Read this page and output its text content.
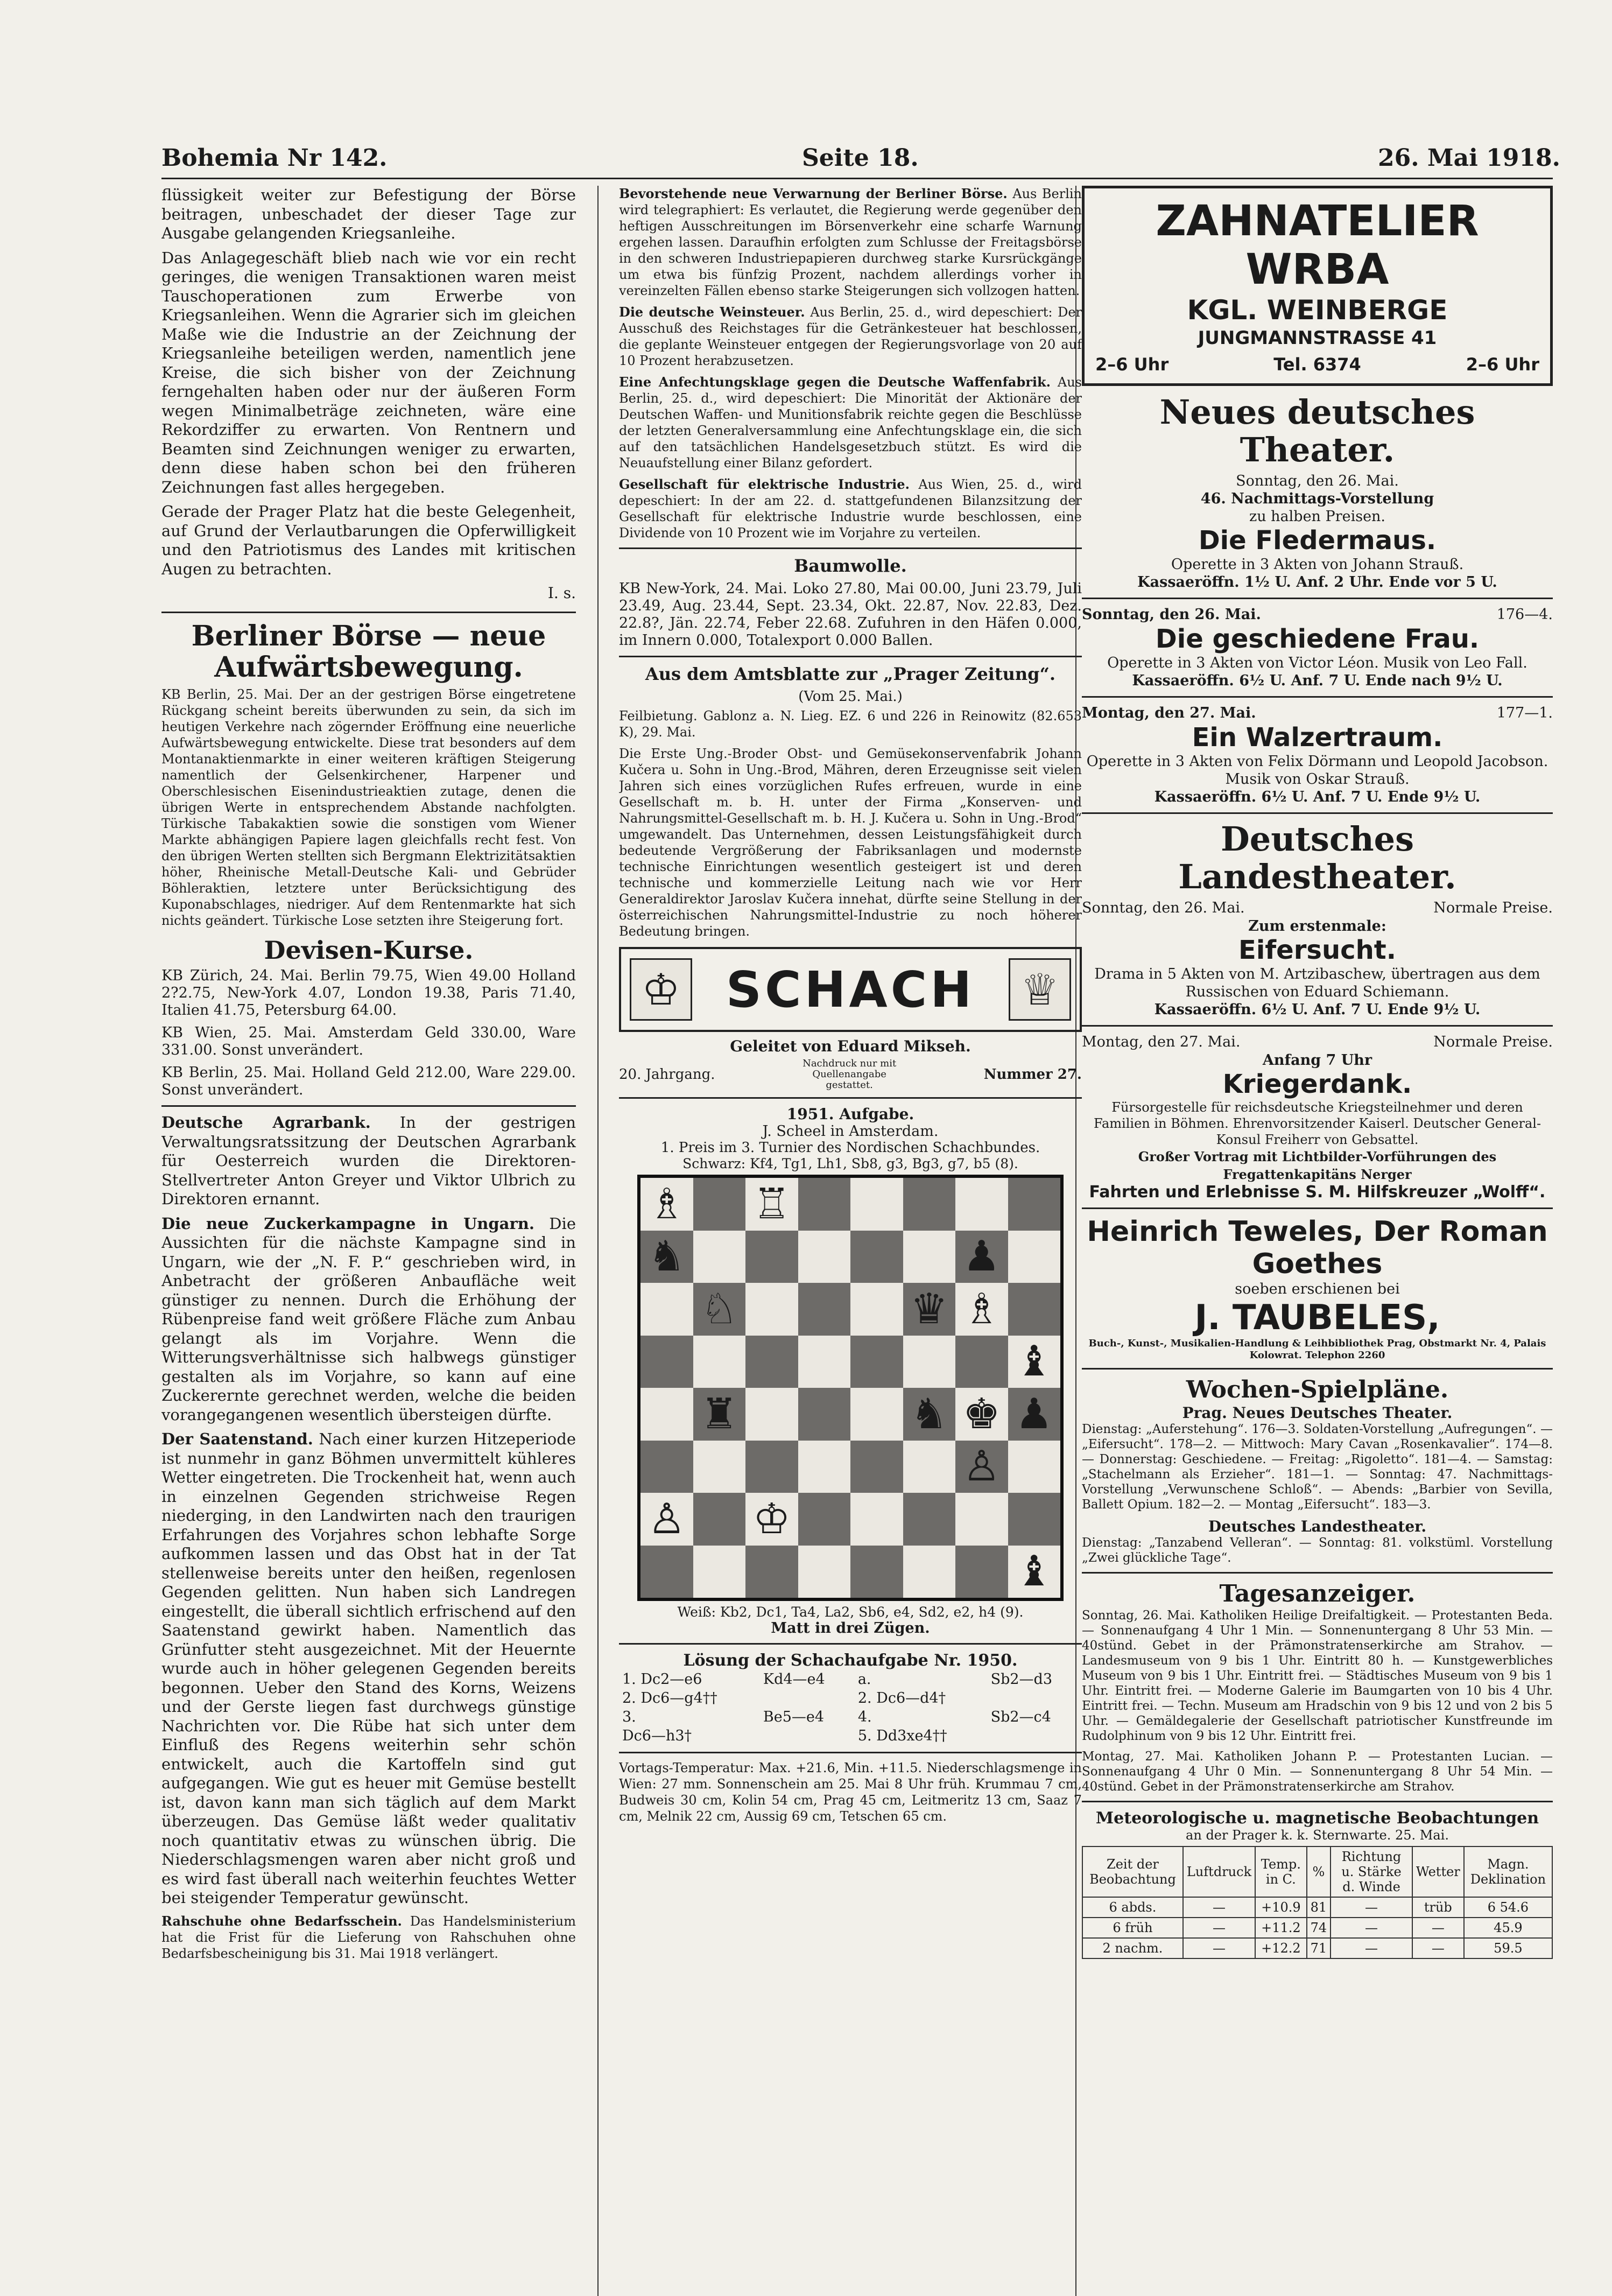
Bohemia Nr 142.	Seite 18.	26. Mai 1918.

flüssigkeit weiter zur Befestigung der Börse beitragen, unbeschadet der dieser Tage zur Ausgabe gelangenden Kriegsanleihe.

Das Anlagegeschäft blieb nach wie vor ein recht geringes, die wenigen Transaktionen waren meist Tauschoperationen zum Erwerbe von Kriegsanleihen. Wenn die Agrarier sich im gleichen Maße wie die Industrie an der Zeichnung der Kriegsanleihe beteiligen werden, namentlich jene Kreise, die sich bisher von der Zeichnung ferngehalten haben oder nur der äußeren Form wegen Minimalbeträge zeichneten, wäre eine Rekordziffer zu erwarten. Von Rentnern und Beamten sind Zeichnungen weniger zu erwarten, denn diese haben schon bei den früheren Zeichnungen fast alles hergegeben.

Gerade der Prager Platz hat die beste Gelegenheit, auf Grund der Verlautbarungen die Opferwilligkeit und den Patriotismus des Landes mit kritischen Augen zu betrachten.

I. s.
Berliner Börse — neue Aufwärtsbewegung.

KB Berlin, 25. Mai. Der an der gestrigen Börse eingetretene Rückgang scheint bereits überwunden zu sein, da sich im heutigen Verkehre nach zögernder Eröffnung eine neuerliche Aufwärtsbewegung entwickelte. Diese trat besonders auf dem Montanaktienmarkte in einer weiteren kräftigen Steigerung namentlich der Gelsenkirchener, Harpener und Oberschlesischen Eisenindustrieaktien zutage, denen die übrigen Werte in entsprechendem Abstande nachfolgten. Türkische Tabakaktien sowie die sonstigen vom Wiener Markte abhängigen Papiere lagen gleichfalls recht fest. Von den übrigen Werten stellten sich Bergmann Elektrizitätsaktien höher, Rheinische Metall-Deutsche Kali- und Gebrüder Böhleraktien, letztere unter Berücksichtigung des Kuponabschlages, niedriger. Auf dem Rentenmarkte hat sich nichts geändert. Türkische Lose setzten ihre Steigerung fort.

Devisen-Kurse.

KB Zürich, 24. Mai. Berlin 79.75, Wien 49.00 Holland 2?2.75, New-York 4.07, London 19.38, Paris 71.40, Italien 41.75, Petersburg 64.00.

KB Wien, 25. Mai. Amsterdam Geld 330.00, Ware 331.00. Sonst unverändert.

KB Berlin, 25. Mai. Holland Geld 212.00, Ware 229.00. Sonst unverändert.

Deutsche Agrarbank. In der gestrigen Verwaltungsratssitzung der Deutschen Agrarbank für Oesterreich wurden die Direktoren-Stellvertreter Anton Greyer und Viktor Ulbrich zu Direktoren ernannt.

Die neue Zuckerkampagne in Ungarn. Die Aussichten für die nächste Kampagne sind in Ungarn, wie der „N. F. P.“ geschrieben wird, in Anbetracht der größeren Anbaufläche weit günstiger zu nennen. Durch die Erhöhung der Rübenpreise fand weit größere Fläche zum Anbau gelangt als im Vorjahre. Wenn die Witterungsverhältnisse sich halbwegs günstiger gestalten als im Vorjahre, so kann auf eine Zuckerernte gerechnet werden, welche die beiden vorangegangenen wesentlich übersteigen dürfte.

Der Saatenstand. Nach einer kurzen Hitzeperiode ist nunmehr in ganz Böhmen unvermittelt kühleres Wetter eingetreten. Die Trockenheit hat, wenn auch in einzelnen Gegenden strichweise Regen niederging, in den Landwirten nach den traurigen Erfahrungen des Vorjahres schon lebhafte Sorge aufkommen lassen und das Obst hat in der Tat stellenweise bereits unter den heißen, regenlosen Gegenden gelitten. Nun haben sich Landregen eingestellt, die überall sichtlich erfrischend auf den Saatenstand gewirkt haben. Namentlich das Grünfutter steht ausgezeichnet. Mit der Heuernte wurde auch in höher gelegenen Gegenden bereits begonnen. Ueber den Stand des Korns, Weizens und der Gerste liegen fast durchwegs günstige Nachrichten vor. Die Rübe hat sich unter dem Einfluß des Regens weiterhin sehr schön entwickelt, auch die Kartoffeln sind gut aufgegangen. Wie gut es heuer mit Gemüse bestellt ist, davon kann man sich täglich auf dem Markt überzeugen. Das Gemüse läßt weder qualitativ noch quantitativ etwas zu wünschen übrig. Die Niederschlagsmengen waren aber nicht groß und es wird fast überall nach weiterhin feuchtes Wetter bei steigender Temperatur gewünscht.

Rahschuhe ohne Bedarfsschein. Das Handelsministerium hat die Frist für die Lieferung von Rahschuhen ohne Bedarfsbescheinigung bis 31. Mai 1918 verlängert.

Bevorstehende neue Verwarnung der Berliner Börse. Aus Berlin wird telegraphiert: Es verlautet, die Regierung werde gegenüber den heftigen Ausschreitungen im Börsenverkehr eine scharfe Warnung ergehen lassen. Daraufhin erfolgten zum Schlusse der Freitagsbörse in den schweren Industriepapieren durchweg starke Kursrückgänge um etwa bis fünfzig Prozent, nachdem allerdings vorher in vereinzelten Fällen ebenso starke Steigerungen sich vollzogen hatten.

Die deutsche Weinsteuer. Aus Berlin, 25. d., wird depeschiert: Der Ausschuß des Reichstages für die Getränkesteuer hat beschlossen, die geplante Weinsteuer entgegen der Regierungsvorlage von 20 auf 10 Prozent herabzusetzen.

Eine Anfechtungsklage gegen die Deutsche Waffenfabrik. Aus Berlin, 25. d., wird depeschiert: Die Minorität der Aktionäre der Deutschen Waffen- und Munitionsfabrik reichte gegen die Beschlüsse der letzten Generalversammlung eine Anfechtungsklage ein, die sich auf den tatsächlichen Handelsgesetzbuch stützt. Es wird die Neuaufstellung einer Bilanz gefordert.

Gesellschaft für elektrische Industrie. Aus Wien, 25. d., wird depeschiert: In der am 22. d. stattgefundenen Bilanzsitzung der Gesellschaft für elektrische Industrie wurde beschlossen, eine Dividende von 10 Prozent wie im Vorjahre zu verteilen.

Baumwolle.

KB New-York, 24. Mai. Loko 27.80, Mai 00.00, Juni 23.79, Juli 23.49, Aug. 23.44, Sept. 23.34, Okt. 22.87, Nov. 22.83, Dez. 22.8?, Jän. 22.74, Feber 22.68. Zufuhren in den Häfen 0.000, im Innern 0.000, Totalexport 0.000 Ballen.

Aus dem Amtsblatte zur „Prager Zeitung“.
(Vom 25. Mai.)

Feilbietung. Gablonz a. N. Lieg. EZ. 6 und 226 in Reinowitz (82.653 K), 29. Mai.

Die Erste Ung.-Broder Obst- und Gemüsekonservenfabrik Johann Kučera u. Sohn in Ung.-Brod, Mähren, deren Erzeugnisse seit vielen Jahren sich eines vorzüglichen Rufes erfreuen, wurde in eine Gesellschaft m. b. H. unter der Firma „Konserven- und Nahrungsmittel-Gesellschaft m. b. H. J. Kučera u. Sohn in Ung.-Brod“ umgewandelt. Das Unternehmen, dessen Leistungsfähigkeit durch bedeutende Vergrößerung der Fabriksanlagen und modernste technische Einrichtungen wesentlich gesteigert ist und deren technische und kommerzielle Leitung nach wie vor Herr Generaldirektor Jaroslav Kučera innehat, dürfte seine Stellung in der österreichischen Nahrungsmittel-Industrie zu noch höherer Bedeutung bringen.

♔ SCHACH ♕
Geleitet von Eduard Mikseh.
20. Jahrgang.
Nachdruck nur mit Quellenangabe gestattet.
Nummer 27.
1951. Aufgabe.
J. Scheel in Amsterdam.
1. Preis im 3. Turnier des Nordischen Schachbundes.
Schwarz: Kf4, Tg1, Lh1, Sb8, g3, Bg3, g7, b5 (8).
♗ ♖
♞	♟
♘	♛ ♗
♝
♜	♞ ♚ ♟
♙
♙ ♔
♝
Weiß: Kb2, Dc1, Ta4, La2, Sb6, e4, Sd2, e2, h4 (9).
Matt in drei Zügen.
Lösung der Schachaufgabe Nr. 1950.
1. Dc2—e6	Kd4—e4	a.	Sb2—d3
2. Dc6—g4††		2. Dc6—d4†	
3.	Be5—e4	4.	Sb2—c4
Dc6—h3†		5. Dd3xe4††	

Vortags-Temperatur: Max. +21.6, Min. +11.5. Niederschlagsmenge in Wien: 27 mm. Sonnenschein am 25. Mai 8 Uhr früh. Krummau 7 cm, Budweis 30 cm, Kolin 54 cm, Prag 45 cm, Leitmeritz 13 cm, Saaz 7 cm, Melnik 22 cm, Aussig 69 cm, Tetschen 65 cm.

ZAHNATELIER WRBA
KGL. WEINBERGE
JUNGMANNSTRASSE 41
2–6 Uhr	Tel. 6374	2–6 Uhr
Neues deutsches Theater.

Sonntag, den 26. Mai.

46. Nachmittags-Vorstellung

zu halben Preisen.

Die Fledermaus.

Operette in 3 Akten von Johann Strauß.

Kassaeröffn. 1½ U. Anf. 2 Uhr. Ende vor 5 U.

Sonntag, den 26. Mai.	176—4.
Die geschiedene Frau.

Operette in 3 Akten von Victor Léon. Musik von Leo Fall.

Kassaeröffn. 6½ U. Anf. 7 U. Ende nach 9½ U.

Montag, den 27. Mai.	177—1.
Ein Walzertraum.

Operette in 3 Akten von Felix Dörmann und Leopold Jacobson. Musik von Oskar Strauß.

Kassaeröffn. 6½ U. Anf. 7 U. Ende 9½ U.

Deutsches Landestheater.
Sonntag, den 26. Mai.	Normale Preise.

Zum erstenmale:

Eifersucht.

Drama in 5 Akten von M. Artzibaschew, übertragen aus dem Russischen von Eduard Schiemann.

Kassaeröffn. 6½ U. Anf. 7 U. Ende 9½ U.

Montag, den 27. Mai.	Normale Preise.

Anfang 7 Uhr

Kriegerdank.

Fürsorgestelle für reichsdeutsche Kriegsteilnehmer und deren Familien in Böhmen. Ehrenvorsitzender Kaiserl. Deutscher General-Konsul Freiherr von Gebsattel.

Großer Vortrag mit Lichtbilder-Vorführungen des Fregattenkapitäns Nerger

Fahrten und Erlebnisse S. M. Hilfskreuzer „Wolff“.

Heinrich Teweles, Der Roman Goethes

soeben erschienen bei

J. TAUBELES,

Buch-, Kunst-, Musikalien-Handlung & Leihbibliothek Prag, Obstmarkt Nr. 4, Palais Kolowrat. Telephon 2260

Wochen-Spielpläne.
Prag. Neues Deutsches Theater.

Dienstag: „Auferstehung“. 176—3. Soldaten-Vorstellung „Aufregungen“. — „Eifersucht“. 178—2. — Mittwoch: Mary Cavan „Rosenkavalier“. 174—8. — Donnerstag: Geschiedene. — Freitag: „Rigoletto“. 181—4. — Samstag: „Stachelmann als Erzieher“. 181—1. — Sonntag: 47. Nachmittags-Vorstellung „Verwunschene Schloß“. — Abends: „Barbier von Sevilla, Ballett Opium. 182—2. — Montag „Eifersucht“. 183—3.

Deutsches Landestheater.

Dienstag: „Tanzabend Velleran“. — Sonntag: 81. volkstüml. Vorstellung „Zwei glückliche Tage“.

Tagesanzeiger.

Sonntag, 26. Mai. Katholiken Heilige Dreifaltigkeit. — Protestanten Beda. — Sonnenaufgang 4 Uhr 1 Min. — Sonnenuntergang 8 Uhr 53 Min. — 40stünd. Gebet in der Prämonstratenserkirche am Strahov. — Landesmuseum von 9 bis 1 Uhr. Eintritt 80 h. — Kunstgewerbliches Museum von 9 bis 1 Uhr. Eintritt frei. — Städtisches Museum von 9 bis 1 Uhr. Eintritt frei. — Moderne Galerie im Baumgarten von 10 bis 4 Uhr. Eintritt frei. — Techn. Museum am Hradschin von 9 bis 12 und von 2 bis 5 Uhr. — Gemäldegalerie der Gesellschaft patriotischer Kunstfreunde im Rudolphinum von 9 bis 12 Uhr. Eintritt frei.

Montag, 27. Mai. Katholiken Johann P. — Protestanten Lucian. — Sonnenaufgang 4 Uhr 0 Min. — Sonnenuntergang 8 Uhr 54 Min. — 40stünd. Gebet in der Prämonstratenserkirche am Strahov.

Meteorologische u. magnetische Beobachtungen
an der Prager k. k. Sternwarte. 25. Mai.
Zeit der Beobachtung	Luftdruck	Temp. in C.	%	Richtung u. Stärke d. Winde	Wetter	Magn. Deklination
6 abds.	—	+10.9	81	—	trüb	6 54.6
6 früh	—	+11.2	74	—	—	45.9
2 nachm.	—	+12.2	71	—	—	59.5
